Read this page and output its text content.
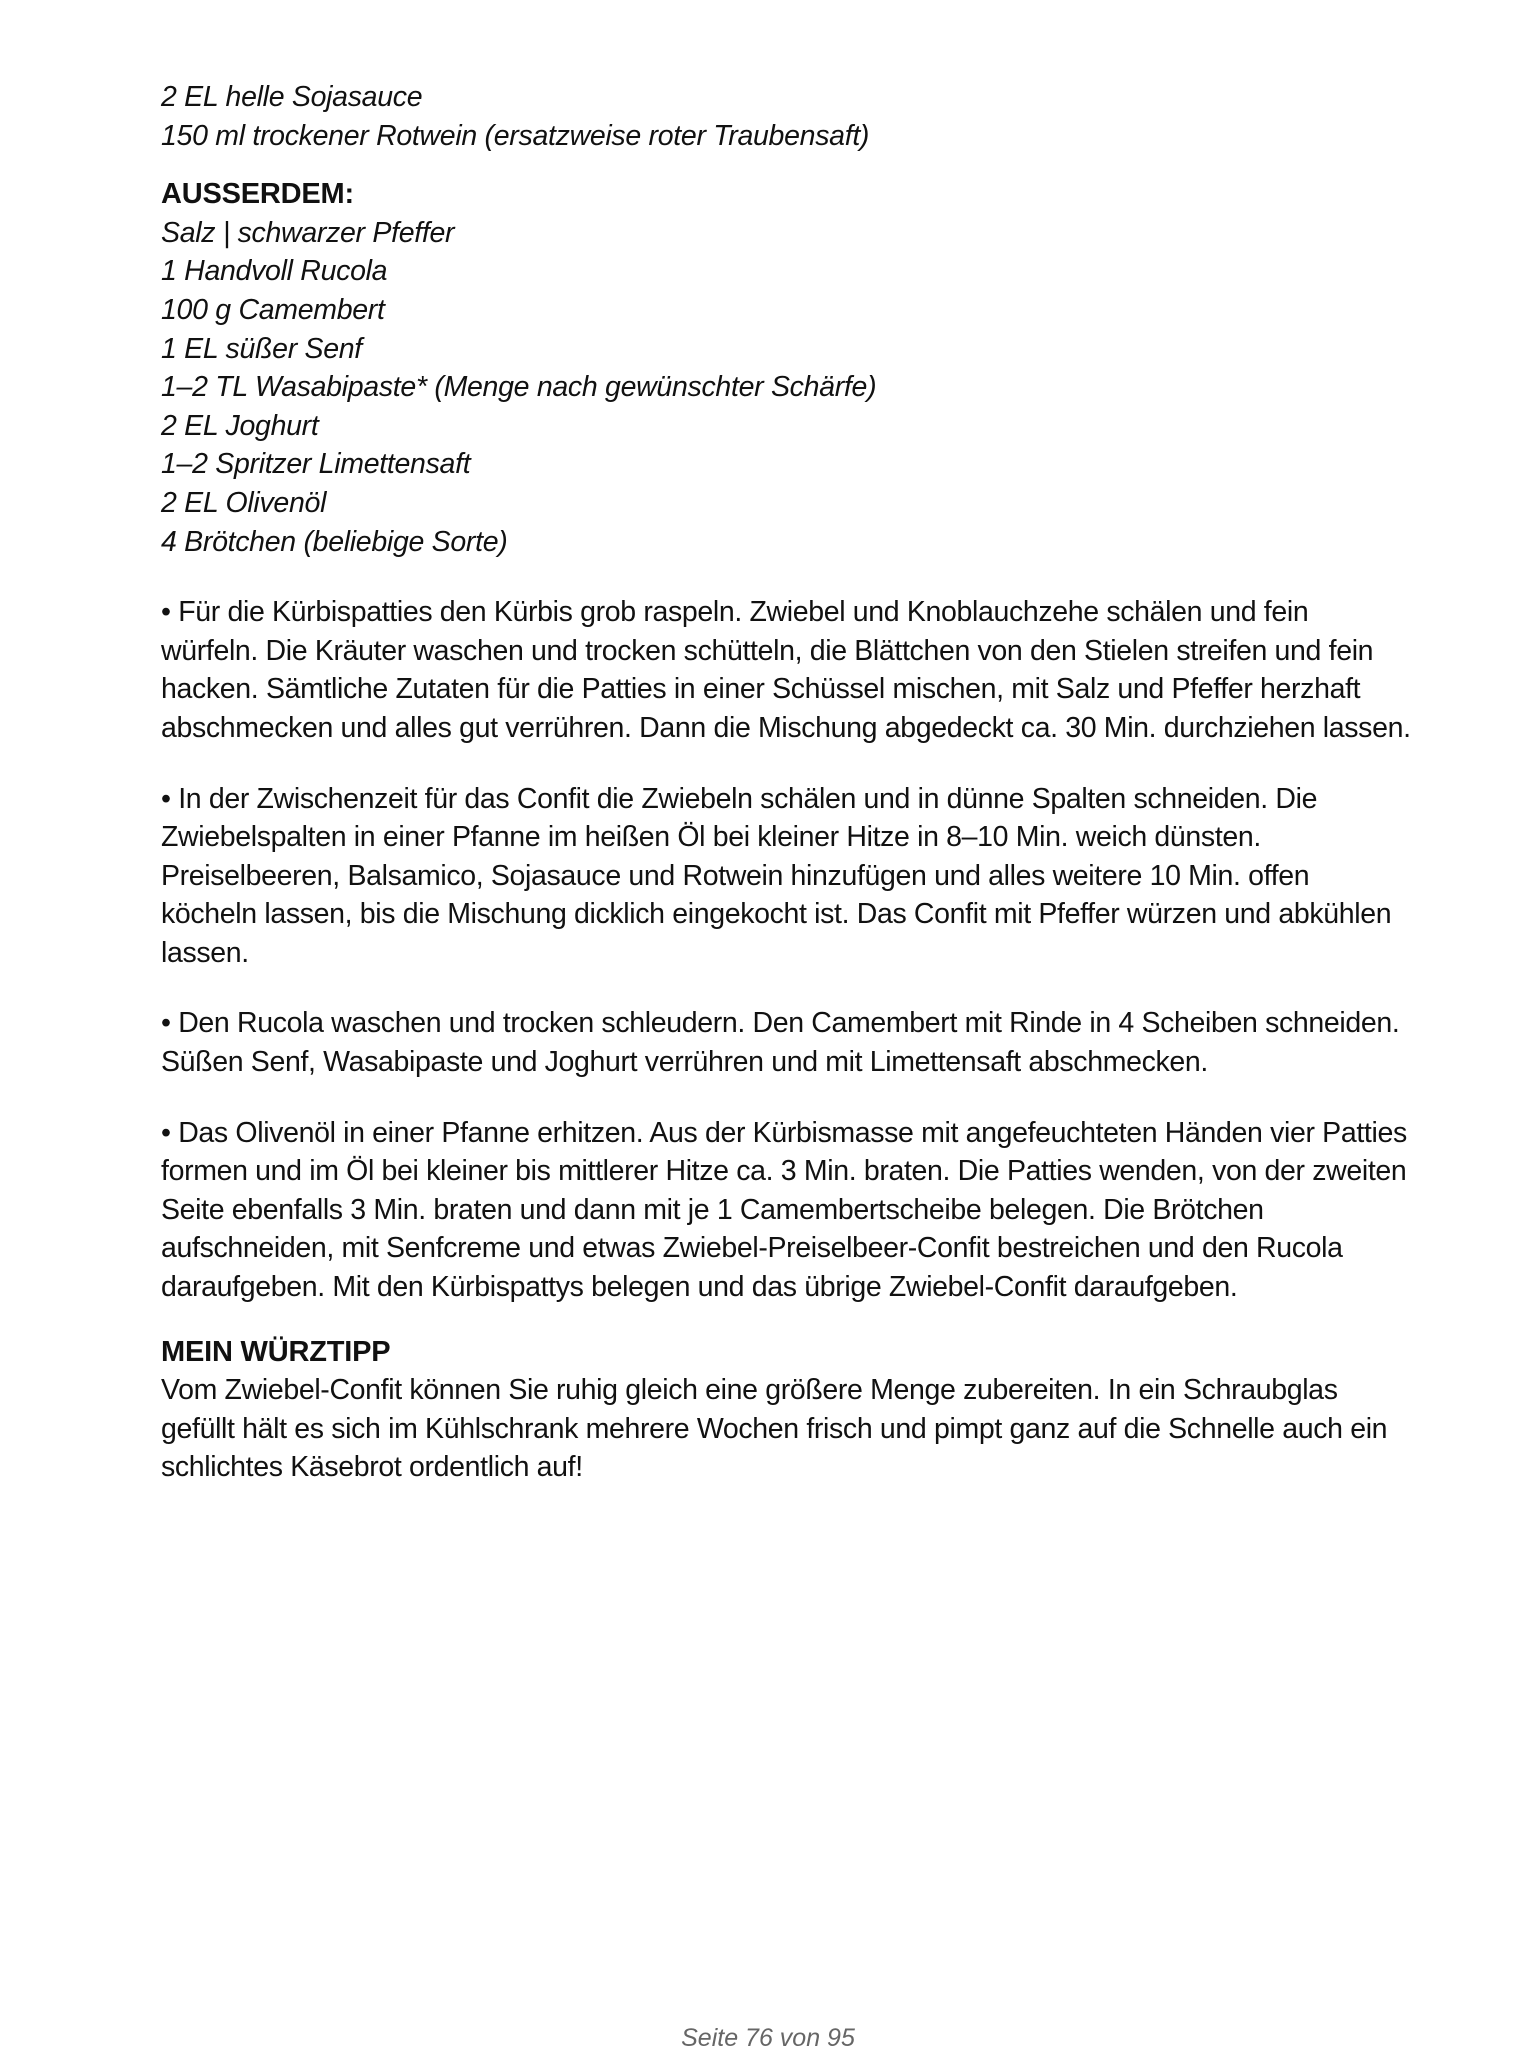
2 EL helle Sojasauce
150 ml trockener Rotwein (ersatzweise roter Traubensaft)
AUSSERDEM:
Salz | schwarzer Pfeffer
1 Handvoll Rucola
100 g Camembert
1 EL süßer Senf
1–2 TL Wasabipaste* (Menge nach gewünschter Schärfe)
2 EL Joghurt
1–2 Spritzer Limettensaft
2 EL Olivenöl
4 Brötchen (beliebige Sorte)

• Für die Kürbispatties den Kürbis grob raspeln. Zwiebel und Knoblauchzehe schälen und fein würfeln. Die Kräuter waschen und trocken schütteln, die Blättchen von den Stielen streifen und fein hacken. Sämtliche Zutaten für die Patties in einer Schüssel mischen, mit Salz und Pfeffer herzhaft abschmecken und alles gut verrühren. Dann die Mischung abgedeckt ca. 30 Min. durchziehen lassen.

• In der Zwischenzeit für das Confit die Zwiebeln schälen und in dünne Spalten schneiden. Die Zwiebelspalten in einer Pfanne im heißen Öl bei kleiner Hitze in 8–10 Min. weich dünsten. Preiselbeeren, Balsamico, Sojasauce und Rotwein hinzufügen und alles weitere 10 Min. offen köcheln lassen, bis die Mischung dicklich eingekocht ist. Das Confit mit Pfeffer würzen und abkühlen lassen.

• Den Rucola waschen und trocken schleudern. Den Camembert mit Rinde in 4 Scheiben schneiden. Süßen Senf, Wasabipaste und Joghurt verrühren und mit Limettensaft abschmecken.

• Das Olivenöl in einer Pfanne erhitzen. Aus der Kürbismasse mit angefeuchteten Händen vier Patties formen und im Öl bei kleiner bis mittlerer Hitze ca. 3 Min. braten. Die Patties wenden, von der zweiten Seite ebenfalls 3 Min. braten und dann mit je 1 Camembertscheibe belegen. Die Brötchen aufschneiden, mit Senfcreme und etwas Zwiebel-Preiselbeer-Confit bestreichen und den Rucola daraufgeben. Mit den Kürbispattys belegen und das übrige Zwiebel-Confit daraufgeben.

MEIN WÜRZTIPP

Vom Zwiebel-Confit können Sie ruhig gleich eine größere Menge zubereiten. In ein Schraubglas gefüllt hält es sich im Kühlschrank mehrere Wochen frisch und pimpt ganz auf die Schnelle auch ein schlichtes Käsebrot ordentlich auf!

Seite 76 von 95
